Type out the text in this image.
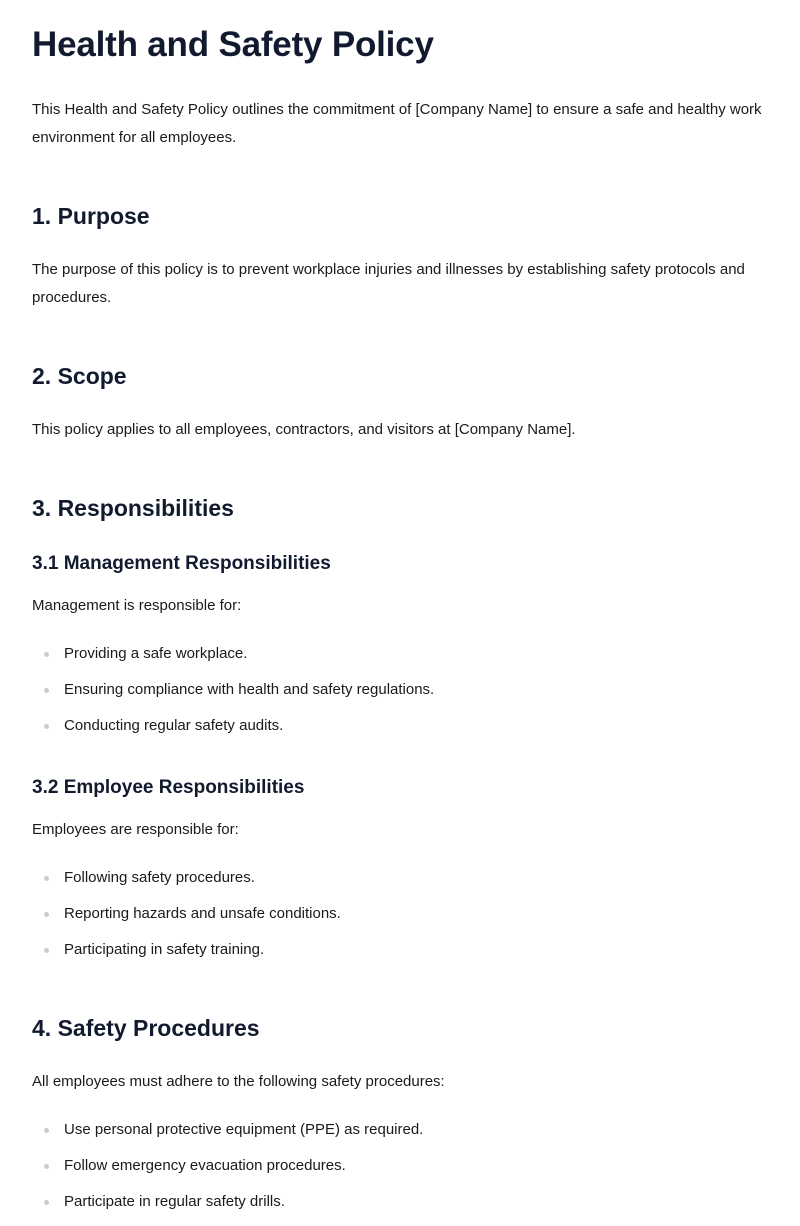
Health and Safety Policy

This Health and Safety Policy outlines the commitment of [Company Name] to ensure a safe and healthy work environment for all employees.

1. Purpose

The purpose of this policy is to prevent workplace injuries and illnesses by establishing safety protocols and procedures.

2. Scope

This policy applies to all employees, contractors, and visitors at [Company Name].

3. Responsibilities
3.1 Management Responsibilities

Management is responsible for:

Providing a safe workplace.
Ensuring compliance with health and safety regulations.
Conducting regular safety audits.
3.2 Employee Responsibilities

Employees are responsible for:

Following safety procedures.
Reporting hazards and unsafe conditions.
Participating in safety training.
4. Safety Procedures

All employees must adhere to the following safety procedures:

Use personal protective equipment (PPE) as required.
Follow emergency evacuation procedures.
Participate in regular safety drills.
